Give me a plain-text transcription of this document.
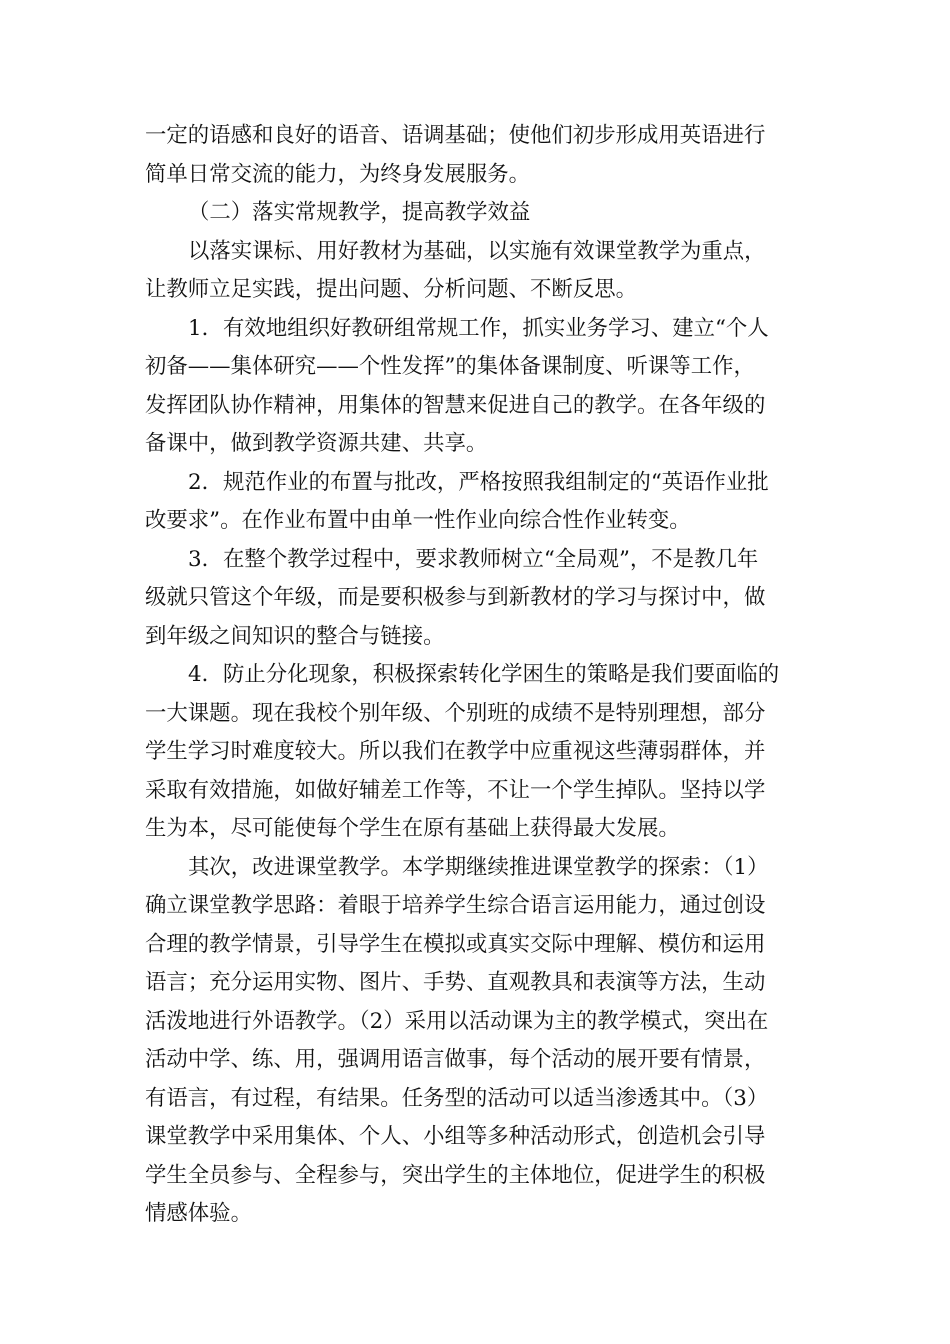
一定的语感和良好的语音、语调基础；使他们初步形成用英语进行
简单日常交流的能力，为终身发展服务。

（二）落实常规教学，提高教学效益

以落实课标、用好教材为基础，以实施有效课堂教学为重点，
让教师立足实践，提出问题、分析问题、不断反思。

1．有效地组织好教研组常规工作，抓实业务学习、建立“个人
初备——集体研究——个性发挥”的集体备课制度、听课等工作，
发挥团队协作精神，用集体的智慧来促进自己的教学。在各年级的
备课中，做到教学资源共建、共享。

2．规范作业的布置与批改，严格按照我组制定的“英语作业批
改要求”。在作业布置中由单一性作业向综合性作业转变。

3．在整个教学过程中，要求教师树立“全局观”，不是教几年
级就只管这个年级，而是要积极参与到新教材的学习与探讨中，做
到年级之间知识的整合与链接。

4．防止分化现象，积极探索转化学困生的策略是我们要面临的
一大课题。现在我校个别年级、个别班的成绩不是特别理想，部分
学生学习时难度较大。所以我们在教学中应重视这些薄弱群体，并
采取有效措施，如做好辅差工作等，不让一个学生掉队。坚持以学
生为本，尽可能使每个学生在原有基础上获得最大发展。

其次，改进课堂教学。本学期继续推进课堂教学的探索：（1）
确立课堂教学思路：着眼于培养学生综合语言运用能力，通过创设
合理的教学情景，引导学生在模拟或真实交际中理解、模仿和运用
语言；充分运用实物、图片、手势、直观教具和表演等方法，生动
活泼地进行外语教学。（2）采用以活动课为主的教学模式，突出在
活动中学、练、用，强调用语言做事，每个活动的展开要有情景，
有语言，有过程，有结果。任务型的活动可以适当渗透其中。（3）
课堂教学中采用集体、个人、小组等多种活动形式，创造机会引导
学生全员参与、全程参与，突出学生的主体地位，促进学生的积极
情感体验。
